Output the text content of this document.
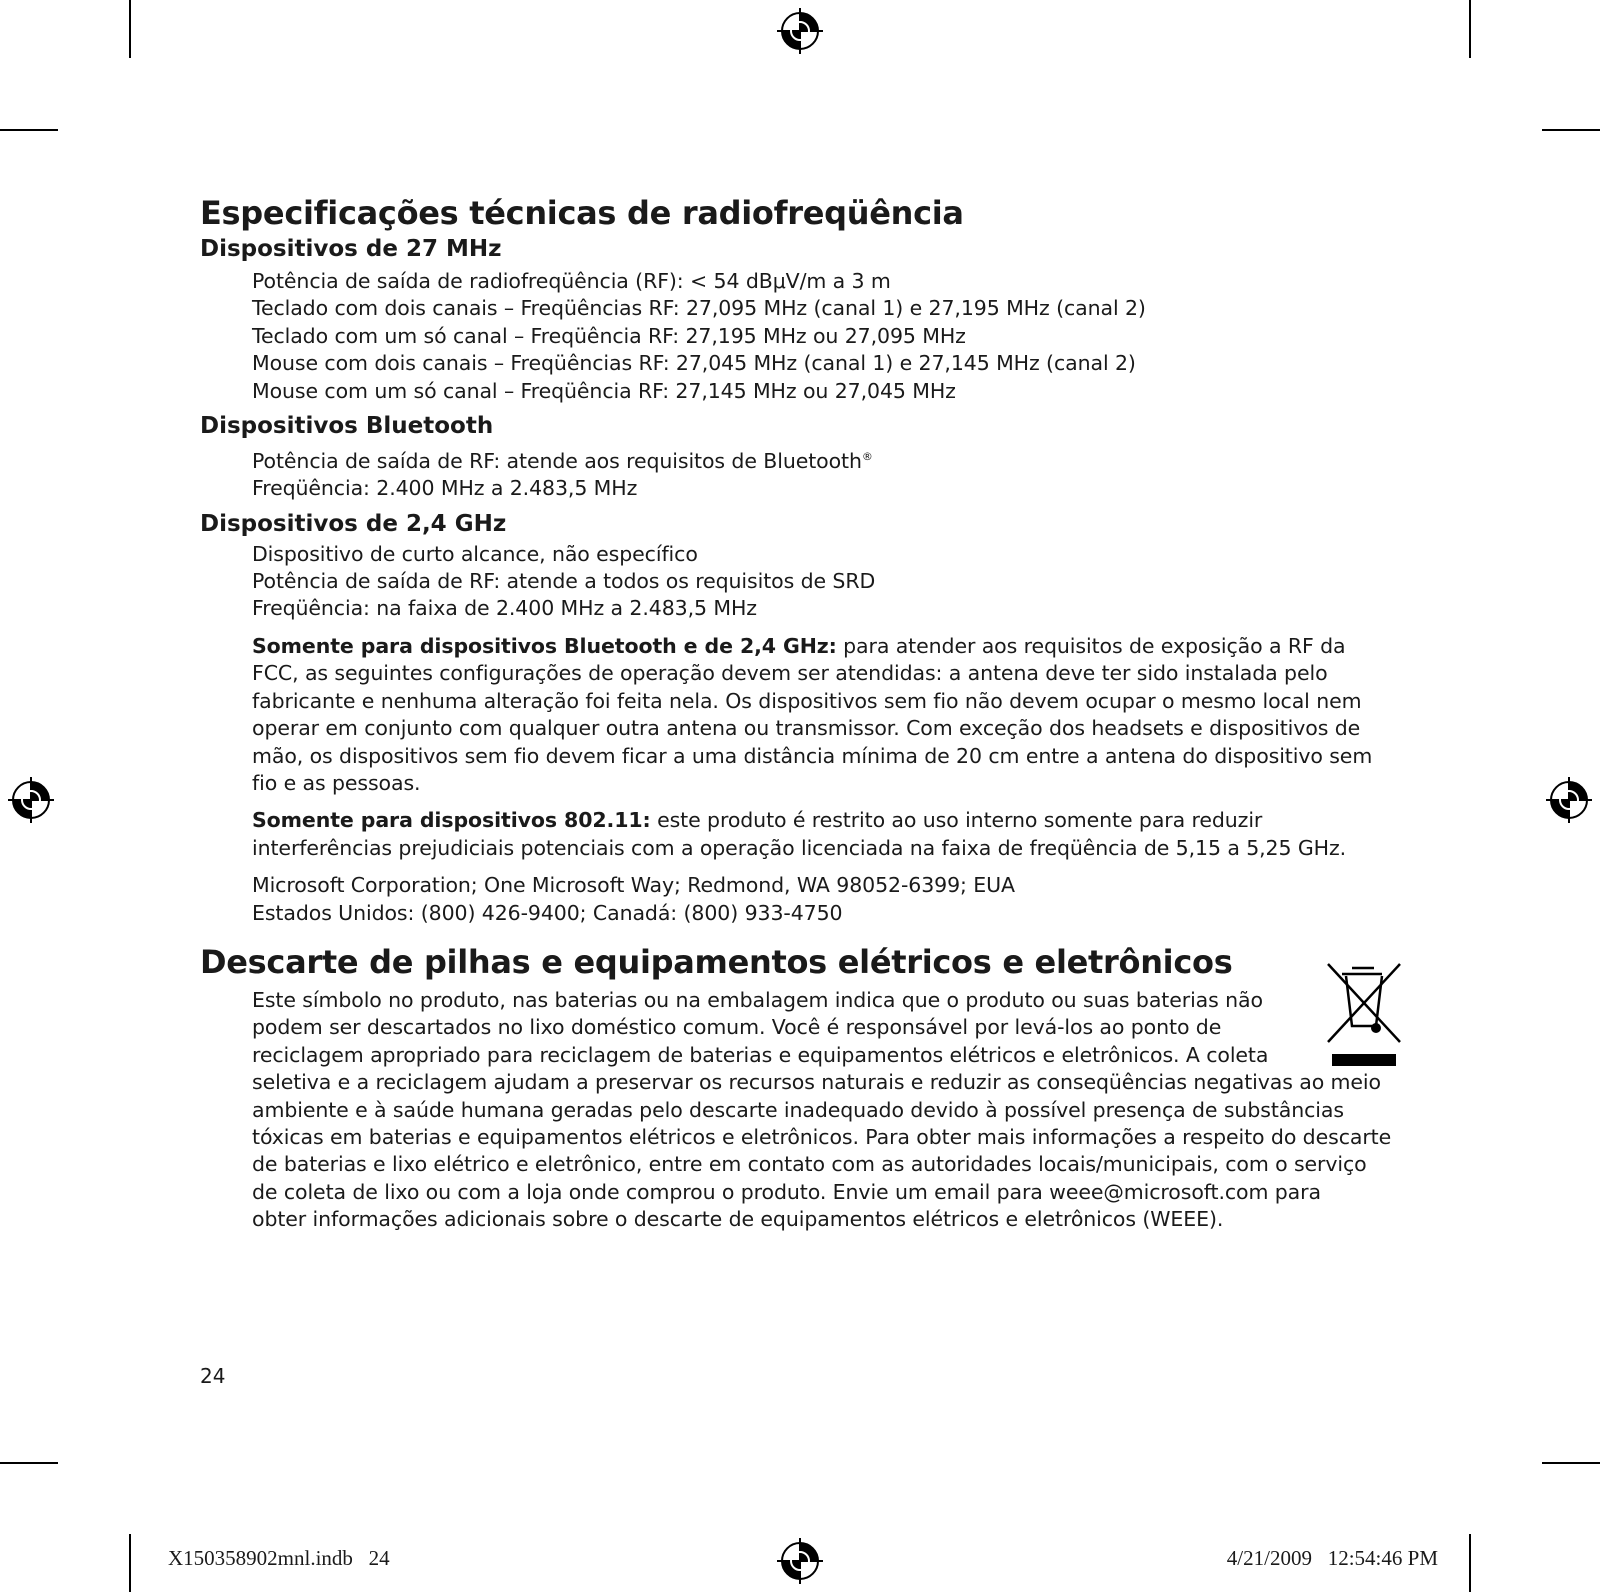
Especificações técnicas de radiofreqüência
Dispositivos de 27 MHz
Potência de saída de radiofreqüência (RF): < 54 dBμV/m a 3 m
Teclado com dois canais – Freqüências RF: 27,095 MHz (canal 1) e 27,195 MHz (canal 2)
Teclado com um só canal – Freqüência RF: 27,195 MHz ou 27,095 MHz
Mouse com dois canais – Freqüências RF: 27,045 MHz (canal 1) e 27,145 MHz (canal 2)
Mouse com um só canal – Freqüência RF: 27,145 MHz ou 27,045 MHz
Dispositivos Bluetooth
Potência de saída de RF: atende aos requisitos de Bluetooth®
Freqüência: 2.400 MHz a 2.483,5 MHz
Dispositivos de 2,4 GHz
Dispositivo de curto alcance, não específico
Potência de saída de RF: atende a todos os requisitos de SRD
Freqüência: na faixa de 2.400 MHz a 2.483,5 MHz

Somente para dispositivos Bluetooth e de 2,4 GHz: para atender aos requisitos de exposição a RF da FCC, as seguintes configurações de operação devem ser atendidas: a antena deve ter sido instalada pelo fabricante e nenhuma alteração foi feita nela. Os dispositivos sem fio não devem ocupar o mesmo local nem operar em conjunto com qualquer outra antena ou transmissor. Com exceção dos headsets e dispositivos de mão, os dispositivos sem fio devem ficar a uma distância mínima de 20 cm entre a antena do dispositivo sem fio e as pessoas.

Somente para dispositivos 802.11: este produto é restrito ao uso interno somente para reduzir interferências prejudiciais potenciais com a operação licenciada na faixa de freqüência de 5,15 a 5,25 GHz.

Microsoft Corporation; One Microsoft Way; Redmond, WA 98052-6399; EUA
Estados Unidos: (800) 426-9400; Canadá: (800) 933-4750
Descarte de pilhas e equipamentos elétricos e eletrônicos
Este símbolo no produto, nas baterias ou na embalagem indica que o produto ou suas baterias não
podem ser descartados no lixo doméstico comum. Você é responsável por levá-los ao ponto de
reciclagem apropriado para reciclagem de baterias e equipamentos elétricos e eletrônicos. A coleta
seletiva e a reciclagem ajudam a preservar os recursos naturais e reduzir as conseqüências negativas ao meio
ambiente e à saúde humana geradas pelo descarte inadequado devido à possível presença de substâncias
tóxicas em baterias e equipamentos elétricos e eletrônicos. Para obter mais informações a respeito do descarte
de baterias e lixo elétrico e eletrônico, entre em contato com as autoridades locais/municipais, com o serviço
de coleta de lixo ou com a loja onde comprou o produto. Envie um email para weee@microsoft.com para
obter informações adicionais sobre o descarte de equipamentos elétricos e eletrônicos (WEEE).
24
X150358902mnl.indb   24	4/21/2009   12:54:46 PM
